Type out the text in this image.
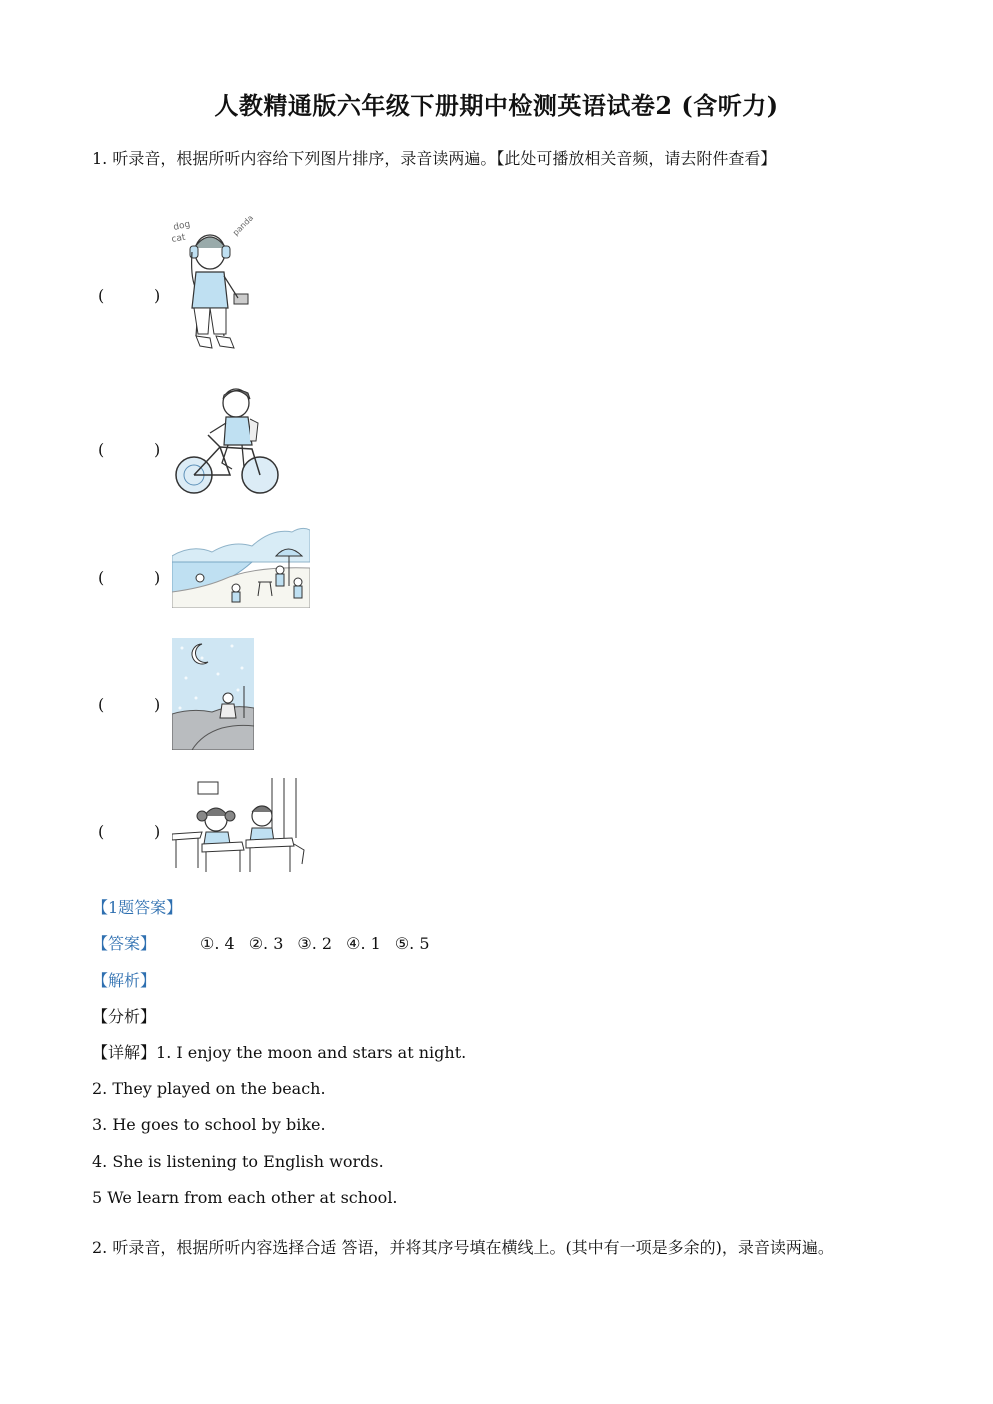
人教精通版六年级下册期中检测英语试卷2 (含听力)
1. 听录音，根据所听内容给下列图片排序，录音读两遍。【此处可播放相关音频，请去附件查看】
(	)
dog
cat
panda
(	)
(	)
(	)
(	)
【1题答案】
【答案】	①. 4 ②. 3 ③. 2 ④. 1 ⑤. 5
【解析】
【分析】
【详解】1. I enjoy the moon and stars at night.
2. They played on the beach.
3. He goes to school by bike.
4. She is listening to English words.
5 We learn from each other at school.
2. 听录音，根据所听内容选择合适 答语，并将其序号填在横线上。(其中有一项是多余的)，录音读两遍。
